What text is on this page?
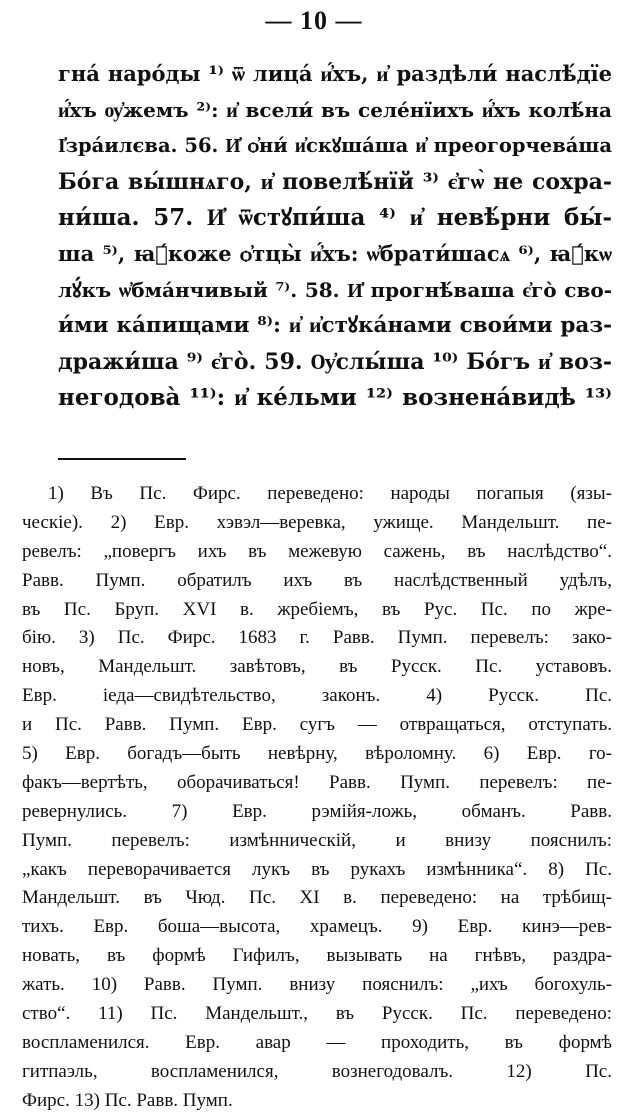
— 10 —
гнá нарóды ¹⁾ ѿ лицá и҆́хъ, и҆ раздѣли́ наслѣ́дїе
и҆́хъ ѹ҆жемъ ²⁾: и҆ всели́ въ селе́нїихъ и҆́хъ колѣ́на
І҆зрáилєва. 56. И҆ ѻ҆ни́ и҆скꙋша́ша и҆ преогорчева́ша
Бо́га вы́шнѧго, и҆ повелѣ́нїй ³⁾ є҆гѡ̀ не сохра-
ни́ша. 57. И҆ ѿстꙋпи́ша ⁴⁾ и҆ невѣ́рни бы́-
ша ⁵⁾, ꙗ҆́коже ѻ҆тцы̀ и҆́хъ: ѡ҆брати́шасѧ ⁶⁾, ꙗ҆́кѡ
лꙋ́къ ѡ҆бма́нчивый ⁷⁾. 58. И҆ прогнѣ́ваша є҆го̀ сво-
и́ми ка́пищами ⁸⁾: и҆ и҆стꙋка́нами свои́ми раз-
дражи́ша ⁹⁾ є҆го̀. 59. Ѹ҆слы́ша ¹⁰⁾ Бо́гъ и҆ воз-
негодова̀ ¹¹⁾: и҆ ке́льми ¹²⁾ вознена́видѣ ¹³⁾
1) Въ Пс. Фирс. переведено: народы погапыя (язы-
ческіе). 2) Евр. хэвэл—веревка, ужище. Мандельшт. пе-
ревелъ: „повергъ ихъ въ межевую сажень, въ наслѣдство“.
Равв. Пумп. обратилъ ихъ въ наслѣдственный удѣлъ,
въ Пс. Бруп. XVI в. жребіемъ, въ Рус. Пс. по жре-
бію. 3) Пс. Фирс. 1683 г. Равв. Пумп. перевелъ: зако-
новъ, Мандельшт. завѣтовъ, въ Русск. Пс. уставовъ.
Евр. іеда—свидѣтельство, законъ. 4) Русск. Пс.
и Пс. Равв. Пумп. Евр. сугъ — отвращаться, отступать.
5) Евр. богадъ—быть невѣрну, вѣроломну. 6) Евр. го-
факъ—вертѣть, оборачиваться! Равв. Пумп. перевелъ: пе-
ревернулись. 7) Евр. рэмійя-ложь, обманъ. Равв.
Пумп. перевелъ: измѣнническій, и внизу пояснилъ:
„какъ переворачивается лукъ въ рукахъ измѣнника“. 8) Пс.
Мандельшт. въ Чюд. Пс. XI в. переведено: на трѣбищ-
тихъ. Евр. боша—высота, храмецъ. 9) Евр. кинэ—рев-
новать, въ формѣ Гифилъ, вызывать на гнѣвъ, раздра-
жать. 10) Равв. Пумп. внизу пояснилъ: „ихъ богохуль-
ство“. 11) Пс. Мандельшт., въ Русск. Пс. переведено:
воспламенился. Евр. авар — проходить, въ формѣ
гитпаэль, воспламенился, вознегодовалъ. 12) Пс.
Фирс. 13) Пс. Равв. Пумп.
